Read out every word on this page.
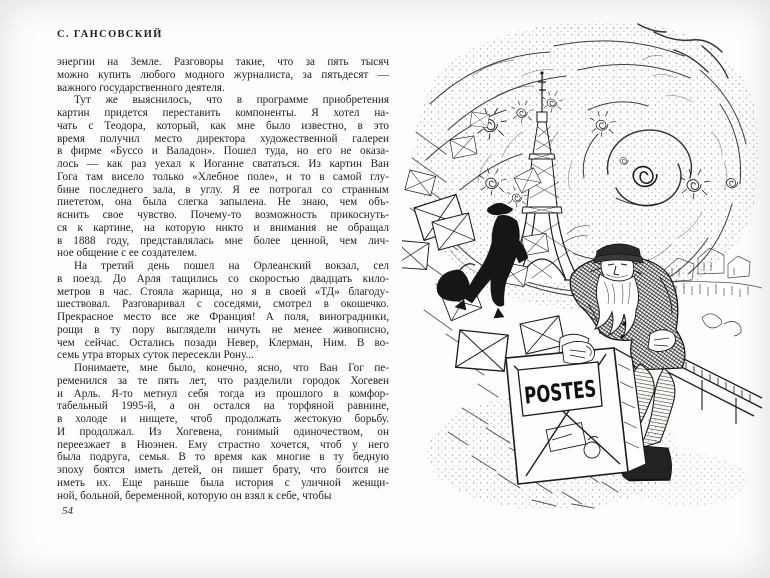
С. ГАНСОВСКИЙ
энергии на Земле. Разговоры такие, что за пять тысяч
можно купить любого модного журналиста, за пятьдесят —
важного государственного деятеля.
Тут же выяснилось, что в программе приобретения
картин придется переставить компоненты. Я хотел на-
чать с Теодора, который, как мне было известно, в это
время получил место директора художественной галереи
в фирме «Буссо и Валадон». Пошел туда, но его не оказа-
лось — как раз уехал к Иоганне свататься. Из картин Ван
Гога там висело только «Хлебное поле», и то в самой глу-
бине последнего зала, в углу. Я ее потрогал со странным
пиететом, она была слегка запылена. Не знаю, чем объ-
яснить свое чувство. Почему-то возможность прикоснуть-
ся к картине, на которую никто и внимания не обращал
в 1888 году, представлялась мне более ценной, чем лич-
ное общение с ее создателем.
На третий день пошел на Орлеанский вокзал, сел
в поезд. До Арля тащились со скоростью двадцать кило-
метров в час. Стояла жарища, но я в своей «ТД» благоду-
шествовал. Разговаривал с соседями, смотрел в окошечко.
Прекрасное место все же Франция! А поля, виноградники,
рощи в ту пору выглядели ничуть не менее живописно,
чем сейчас. Остались позади Невер, Клерман, Ним. В во-
семь утра вторых суток пересекли Рону...
Понимаете, мне было, конечно, ясно, что Ван Гог пе-
ременился за те пять лет, что разделили городок Хогевен
и Арль. Я-то метнул себя тогда из прошлого в комфор-
табельный 1995-й, а он остался на торфяной равнине,
в холоде и нищете, чтоб продолжать жестокую борьбу.
И продолжал. Из Хогевена, гонимый одиночеством, он
переезжает в Нюэнен. Ему страстно хочется, чтоб у него
была подруга, семья. В то время как многие в ту бедную
эпоху боятся иметь детей, он пишет брату, что боится не
иметь их. Еще раньше была история с уличной женщи-
ной, больной, беременной, которую он взял к себе, чтобы
54
POSTES
